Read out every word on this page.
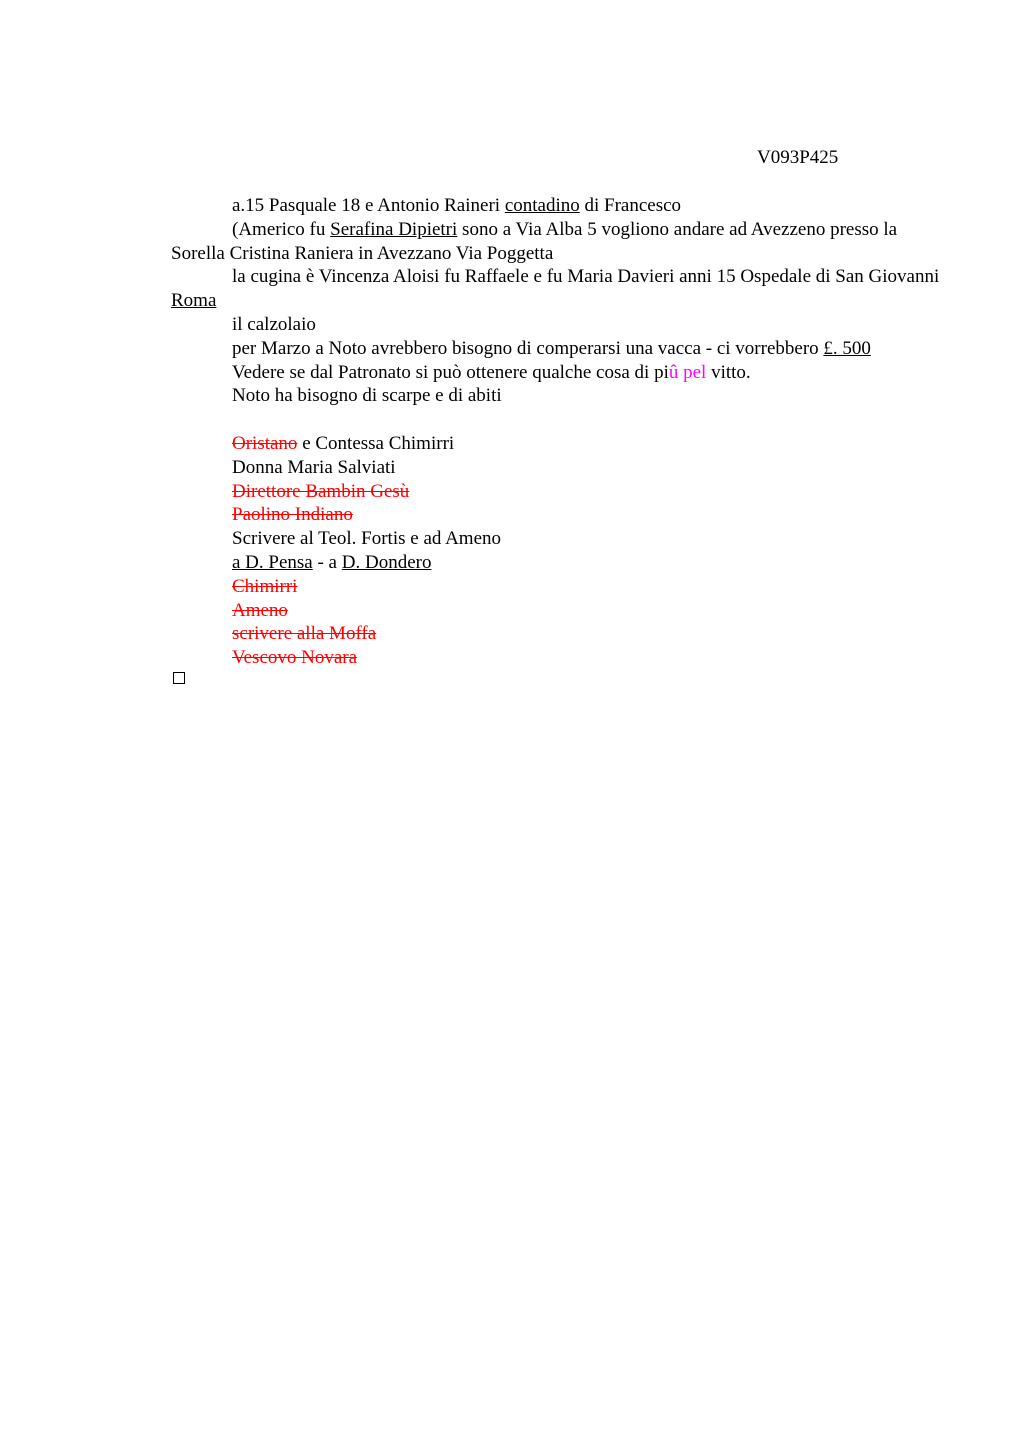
V093P425

a.15 Pasquale 18 e Antonio Raineri contadino di Francesco

(Americo fu Serafina Dipietri sono a Via Alba 5 vogliono andare ad Avezzeno presso la Sorella Cristina Raniera in Avezzano Via Poggetta

la cugina è Vincenza Aloisi fu Raffaele e fu Maria Davieri anni 15 Ospedale di San Giovanni Roma

il calzolaio

per Marzo a Noto avrebbero bisogno di comperarsi una vacca - ci vorrebbero £. 500

Vedere se dal Patronato si può ottenere qualche cosa di piû pel vitto.

Noto ha bisogno di scarpe e di abiti

Oristano e Contessa Chimirri

Donna Maria Salviati

Direttore Bambin Gesù

Paolino Indiano

Scrivere al Teol. Fortis e ad Ameno

a D. Pensa - a D. Dondero

Chimirri

Ameno

scrivere alla Moffa

Vescovo Novara
